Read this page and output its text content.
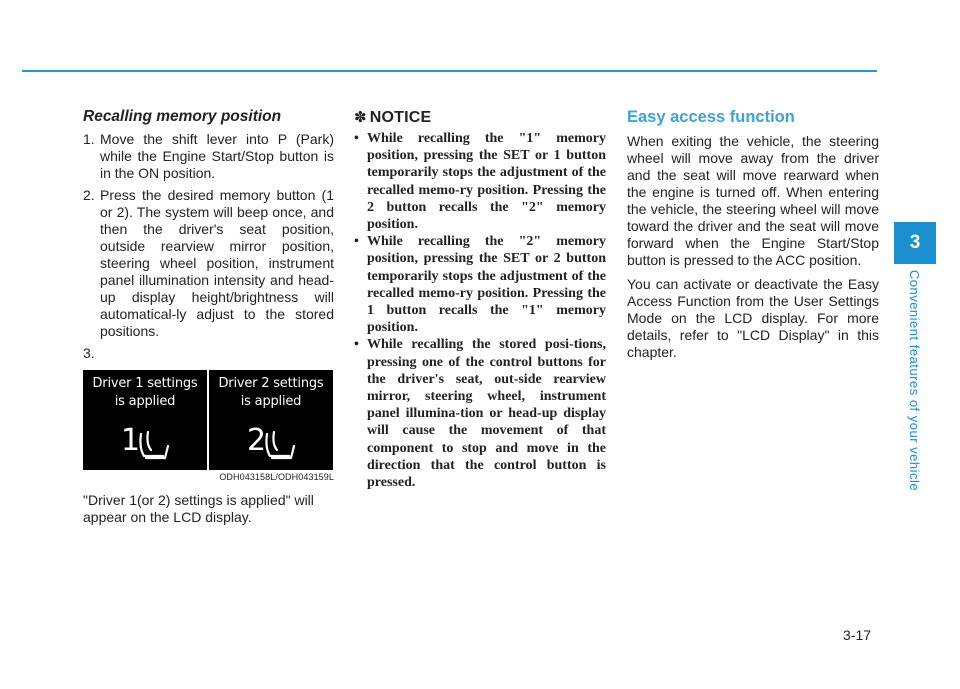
Recalling memory position
1. Move the shift lever into P (Park) while the Engine Start/Stop button is in the ON position.
2. Press the desired memory button (1 or 2). The system will beep once, and then the driver's seat position, outside rearview mirror position, steering wheel position, instrument panel illumination intensity and head-up display height/brightness will automatical-ly adjust to the stored positions.
3.
Driver 1 settings
is applied
1
Driver 2 settings
is applied
2
ODH043158L/ODH043159L
"Driver 1(or 2) settings is applied" will appear on the LCD display.
✽ NOTICE
• While recalling the "1" memory position, pressing the SET or 1 button temporarily stops the adjustment of the recalled memo-ry position. Pressing the 2 button recalls the "2" memory position.
• While recalling the "2" memory position, pressing the SET or 2 button temporarily stops the adjustment of the recalled memo-ry position. Pressing the 1 button recalls the "1" memory position.
• While recalling the stored posi-tions, pressing one of the control buttons for the driver's seat, out-side rearview mirror, steering wheel, instrument panel illumina-tion or head-up display will cause the movement of that component to stop and move in the direction that the control button is pressed.
Easy access function

When exiting the vehicle, the steering wheel will move away from the driver and the seat will move rearward when the engine is turned off. When entering the vehicle, the steering wheel will move toward the driver and the seat will move forward when the Engine Start/Stop button is pressed to the ACC position.

You can activate or deactivate the Easy Access Function from the User Settings Mode on the LCD display. For more details, refer to "LCD Display" in this chapter.

3
Convenient features of your vehicle
3-17
